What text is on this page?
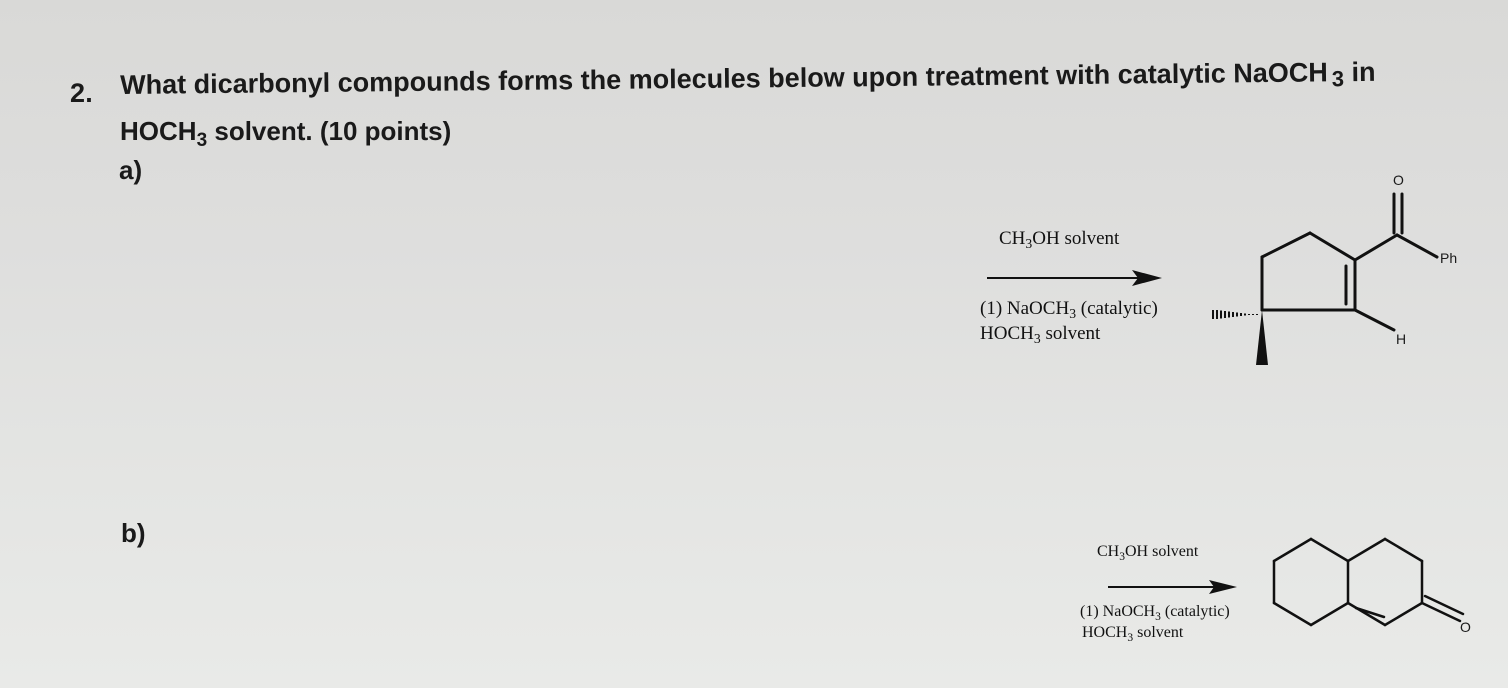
2. What dicarbonyl compounds forms the molecules below upon treatment with catalytic NaOCH 3 in
$HOCH_3$ solvent. (10 points)
a)
b)
$CH_3OH$ solvent
(1) NaOCH$_3$ (catalytic)
$HOCH_3$ solvent
$CH_3OH$ solvent
(1) NaOCH$_3$ (catalytic)
$HOCH_3$ solvent
O
Ph
H
O
